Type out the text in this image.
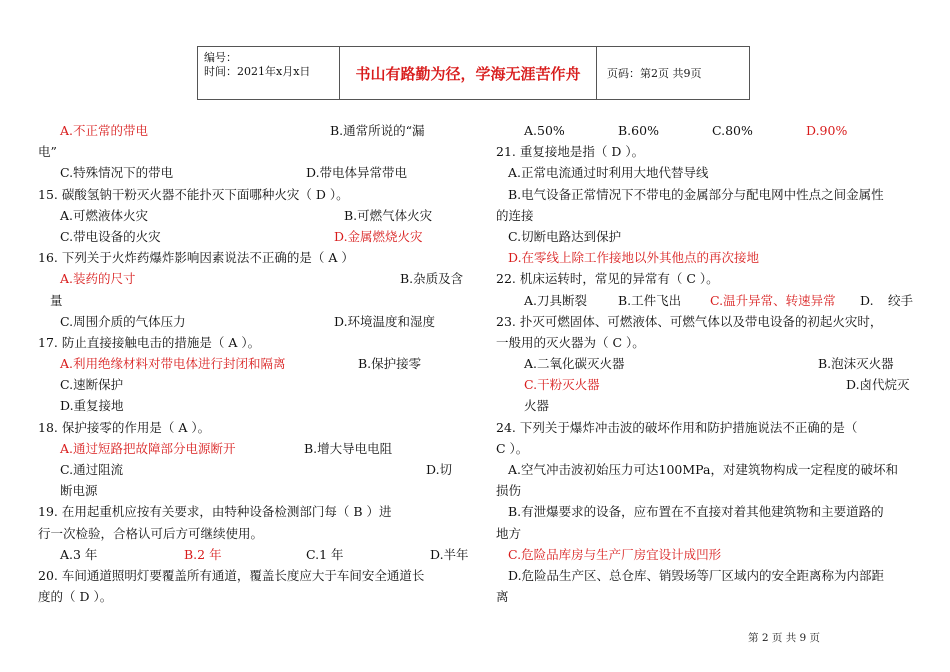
编号：
时间：2021年x月x日	书山有路勤为径，学海无涯苦作舟	页码：第2页 共9页
A.不正常的带电	B.通常所说的“漏
电”
C.特殊情况下的带电	D.带电体异常带电
15. 碳酸氢钠干粉灭火器不能扑灭下面哪种火灾（ D ）。
A.可燃液体火灾	B.可燃气体火灾
C.带电设备的火灾	D.金属燃烧火灾
16. 下列关于火炸药爆炸影响因素说法不正确的是（ A ）
A.装药的尺寸	B.杂质及含
量
C.周围介质的气体压力	D.环境温度和湿度
17. 防止直接接触电击的措施是（ A ）。
A.利用绝缘材料对带电体进行封闭和隔离	B.保护接零
C.速断保护
D.重复接地
18. 保护接零的作用是（ A ）。
A.通过短路把故障部分电源断开	B.增大导电电阻
C.通过阻流	D.切
断电源
19. 在用起重机应按有关要求，由特种设备检测部门每（ B ）进
行一次检验，合格认可后方可继续使用。
A.3 年	B.2 年	C.1 年	D.半年
20. 车间通道照明灯要覆盖所有通道，覆盖长度应大于车间安全通道长
度的（ D ）。
A.50%	B.60%	C.80%	D.90%
21. 重复接地是指（ D ）。
A.正常电流通过时利用大地代替导线
B.电气设备正常情况下不带电的金属部分与配电网中性点之间金属性
的连接
C.切断电路达到保护
D.在零线上除工作接地以外其他点的再次接地
22. 机床运转时，常见的异常有（ C ）。
A.刀具断裂 B.工件飞出 C.温升异常、转速异常 D. 绞手
23. 扑灭可燃固体、可燃液体、可燃气体以及带电设备的初起火灾时，
一般用的灭火器为（ C ）。
A.二氧化碳灭火器	B.泡沫灭火器
C.干粉灭火器	D.卤代烷灭
火器
24. 下列关于爆炸冲击波的破坏作用和防护措施说法不正确的是（
C ）。
A.空气冲击波初始压力可达100MPa，对建筑物构成一定程度的破坏和
损伤
B.有泄爆要求的设备，应布置在不直接对着其他建筑物和主要道路的
地方
C.危险品库房与生产厂房宜设计成凹形
D.危险品生产区、总仓库、销毁场等厂区域内的安全距离称为内部距
离
第 2 页 共 9 页
